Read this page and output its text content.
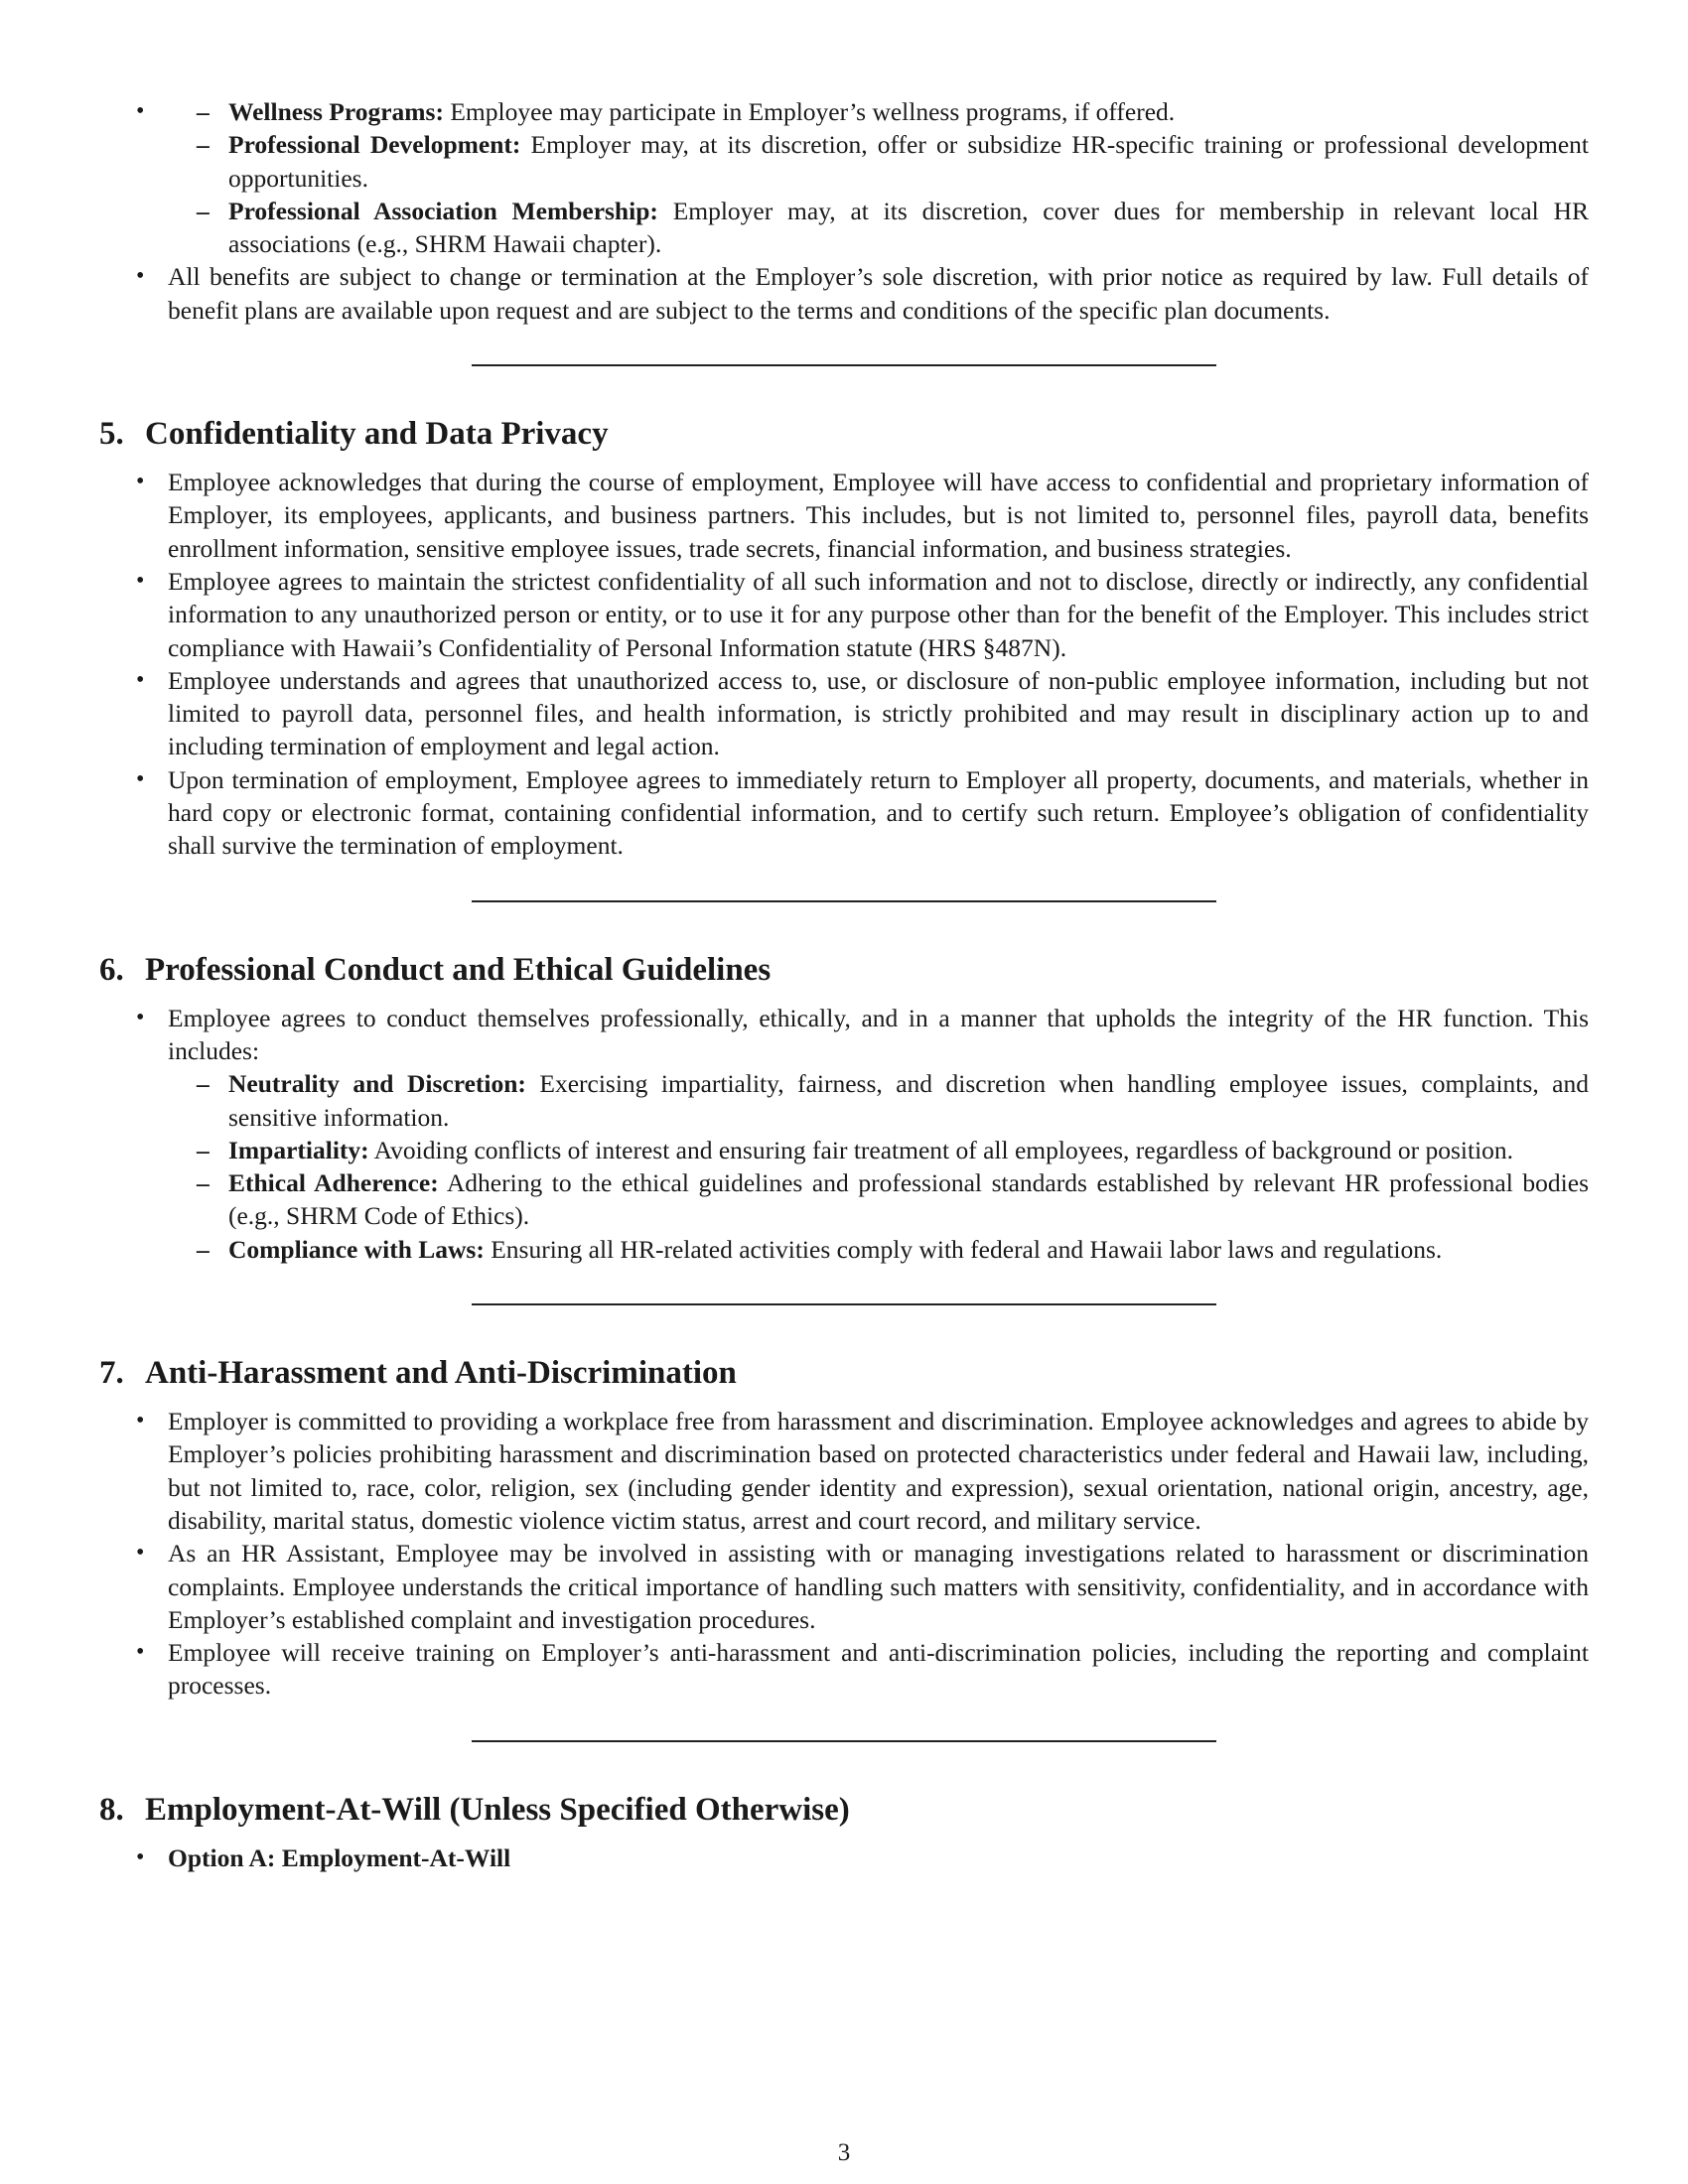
– • Wellness Programs: Employee may participate in Employer’s wellness programs, if offered.
– Professional Development: Employer may, at its discretion, offer or subsidize HR-specific training or professional development opportunities.
– Professional Association Membership: Employer may, at its discretion, cover dues for membership in relevant local HR associations (e.g., SHRM Hawaii chapter).
• All benefits are subject to change or termination at the Employer’s sole discretion, with prior notice as required by law. Full details of benefit plans are available upon request and are subject to the terms and conditions of the specific plan documents.
5. Confidentiality and Data Privacy
• Employee acknowledges that during the course of employment, Employee will have access to confidential and proprietary information of Employer, its employees, applicants, and business partners. This includes, but is not limited to, personnel files, payroll data, benefits enrollment information, sensitive employee issues, trade secrets, financial information, and business strategies.
• Employee agrees to maintain the strictest confidentiality of all such information and not to disclose, directly or indirectly, any confidential information to any unauthorized person or entity, or to use it for any purpose other than for the benefit of the Employer. This includes strict compliance with Hawaii’s Confidentiality of Personal Information statute (HRS §487N).
• Employee understands and agrees that unauthorized access to, use, or disclosure of non-public employee information, including but not limited to payroll data, personnel files, and health information, is strictly prohibited and may result in disciplinary action up to and including termination of employment and legal action.
• Upon termination of employment, Employee agrees to immediately return to Employer all property, documents, and materials, whether in hard copy or electronic format, containing confidential information, and to certify such return. Employee’s obligation of confidentiality shall survive the termination of employment.
6. Professional Conduct and Ethical Guidelines
• Employee agrees to conduct themselves professionally, ethically, and in a manner that upholds the integrity of the HR function. This includes:
– Neutrality and Discretion: Exercising impartiality, fairness, and discretion when handling employee issues, complaints, and sensitive information.
– Impartiality: Avoiding conflicts of interest and ensuring fair treatment of all employees, regardless of background or position.
– Ethical Adherence: Adhering to the ethical guidelines and professional standards established by relevant HR professional bodies (e.g., SHRM Code of Ethics).
– Compliance with Laws: Ensuring all HR-related activities comply with federal and Hawaii labor laws and regulations.
7. Anti-Harassment and Anti-Discrimination
• Employer is committed to providing a workplace free from harassment and discrimination. Employee acknowledges and agrees to abide by Employer’s policies prohibiting harassment and discrimination based on protected characteristics under federal and Hawaii law, including, but not limited to, race, color, religion, sex (including gender identity and expression), sexual orientation, national origin, ancestry, age, disability, marital status, domestic violence victim status, arrest and court record, and military service.
• As an HR Assistant, Employee may be involved in assisting with or managing investigations related to harassment or discrimination complaints. Employee understands the critical importance of handling such matters with sensitivity, confidentiality, and in accordance with Employer’s established complaint and investigation procedures.
• Employee will receive training on Employer’s anti-harassment and anti-discrimination policies, including the reporting and complaint processes.
8. Employment-At-Will (Unless Specified Otherwise)
• Option A: Employment-At-Will
3
